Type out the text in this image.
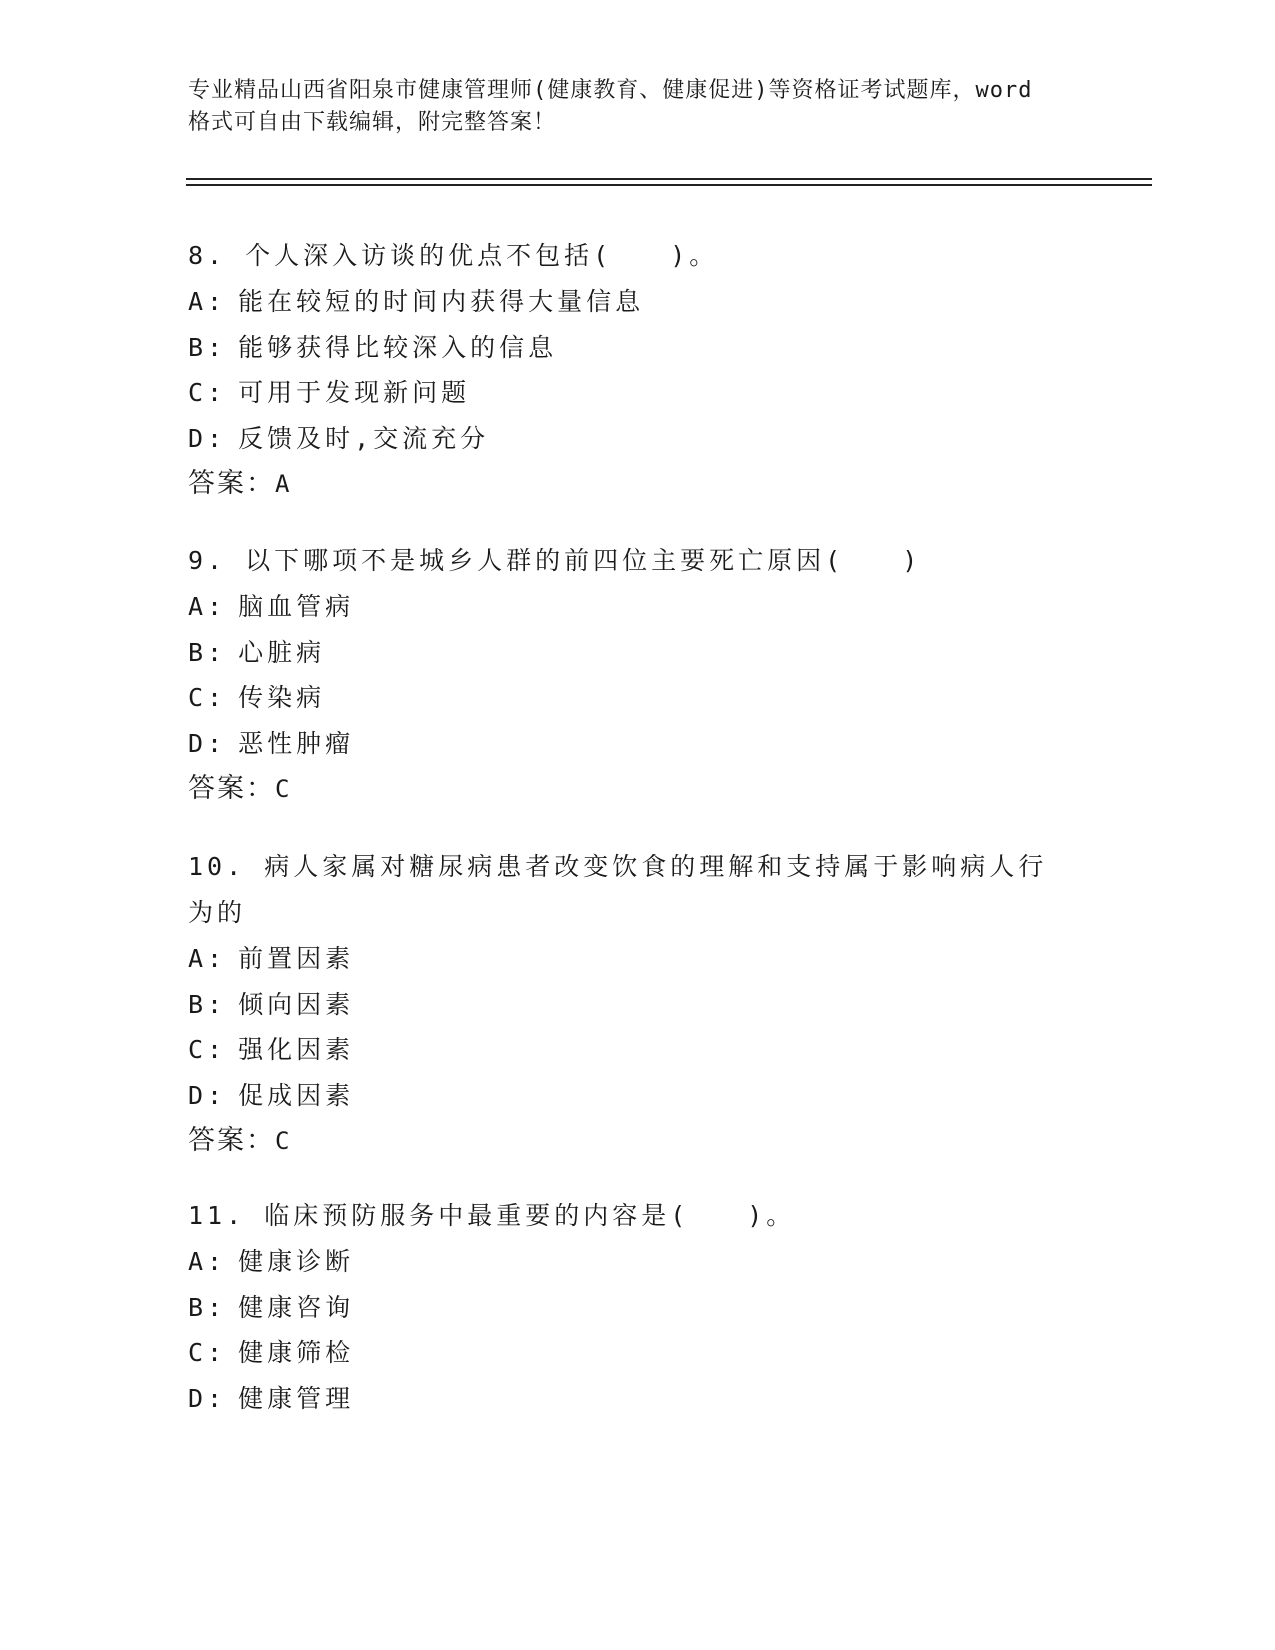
专业精品山西省阳泉市健康管理师(健康教育、健康促进)等资格证考试题库，word
格式可自由下载编辑，附完整答案！
8. 个人深入访谈的优点不包括(　　)。
A: 能在较短的时间内获得大量信息
B: 能够获得比较深入的信息
C: 可用于发现新问题
D: 反馈及时,交流充分
答案：A
9. 以下哪项不是城乡人群的前四位主要死亡原因(　　)
A: 脑血管病
B: 心脏病
C: 传染病
D: 恶性肿瘤
答案：C
10. 病人家属对糖尿病患者改变饮食的理解和支持属于影响病人行为的
A: 前置因素
B: 倾向因素
C: 强化因素
D: 促成因素
答案：C
11. 临床预防服务中最重要的内容是(　　)。
A: 健康诊断
B: 健康咨询
C: 健康筛检
D: 健康管理
